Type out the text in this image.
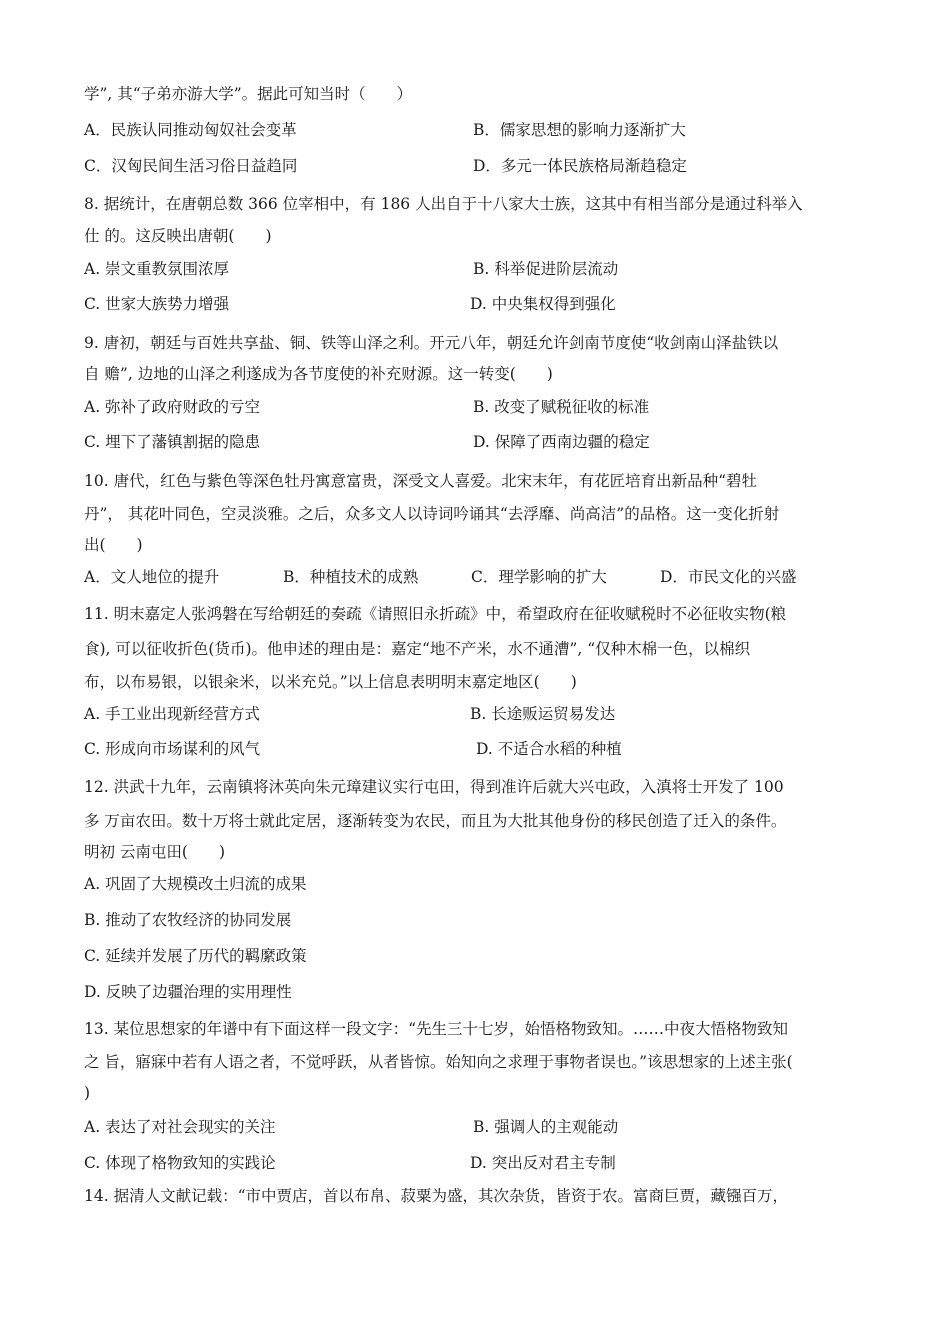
学”, 其“子弟亦游大学”。据此可知当时（　　）
A．民族认同推动匈奴社会变革	B．儒家思想的影响力逐渐扩大
C．汉匈民间生活习俗日益趋同	D．多元一体民族格局渐趋稳定
8. 据统计，在唐朝总数 366 位宰相中，有 186 人出自于十八家大士族，这其中有相当部分是通过科举入
仕 的。这反映出唐朝(　　)
A. 崇文重教氛围浓厚	B. 科举促进阶层流动
C. 世家大族势力增强	D. 中央集权得到强化
9. 唐初，朝廷与百姓共享盐、铜、铁等山泽之利。开元八年，朝廷允许剑南节度使“收剑南山泽盐铁以
自 赡”, 边地的山泽之利遂成为各节度使的补充财源。这一转变(　　)
A. 弥补了政府财政的亏空	B. 改变了赋税征收的标准
C. 埋下了藩镇割据的隐患	D. 保障了西南边疆的稳定
10. 唐代，红色与紫色等深色牡丹寓意富贵，深受文人喜爱。北宋末年，有花匠培育出新品种“碧牡
丹”， 其花叶同色，空灵淡雅。之后，众多文人以诗词吟诵其“去浮靡、尚高洁”的品格。这一变化折射
出(　　)
A．文人地位的提升	B．种植技术的成熟	C．理学影响的扩大	D．市民文化的兴盛
11. 明末嘉定人张鸿磐在写给朝廷的奏疏《请照旧永折疏》中，希望政府在征收赋税时不必征收实物(粮
食), 可以征收折色(货币)。他申述的理由是：嘉定“地不产米，水不通漕”, “仅种木棉一色，以棉织
布，以布易银，以银籴米，以米充兑。”以上信息表明明末嘉定地区(　　)
A. 手工业出现新经营方式	B. 长途贩运贸易发达
C. 形成向市场谋利的风气	D. 不适合水稻的种植
12. 洪武十九年，云南镇将沐英向朱元璋建议实行屯田，得到准许后就大兴屯政，入滇将士开发了 100
多 万亩农田。数十万将士就此定居，逐渐转变为农民，而且为大批其他身份的移民创造了迁入的条件。
明初 云南屯田(　　)
A. 巩固了大规模改土归流的成果
B. 推动了农牧经济的协同发展
C. 延续并发展了历代的羁縻政策
D. 反映了边疆治理的实用理性
13. 某位思想家的年谱中有下面这样一段文字：“先生三十七岁，始悟格物致知。……中夜大悟格物致知
之 旨，寤寐中若有人语之者，不觉呼跃，从者皆惊。始知向之求理于事物者误也。”该思想家的上述主张(
)
A. 表达了对社会现实的关注	B. 强调人的主观能动
C. 体现了格物致知的实践论	D. 突出反对君主专制
14. 据清人文献记载：“市中贾店，首以布帛、菽粟为盛，其次杂货，皆资于农。富商巨贾，藏镪百万，
